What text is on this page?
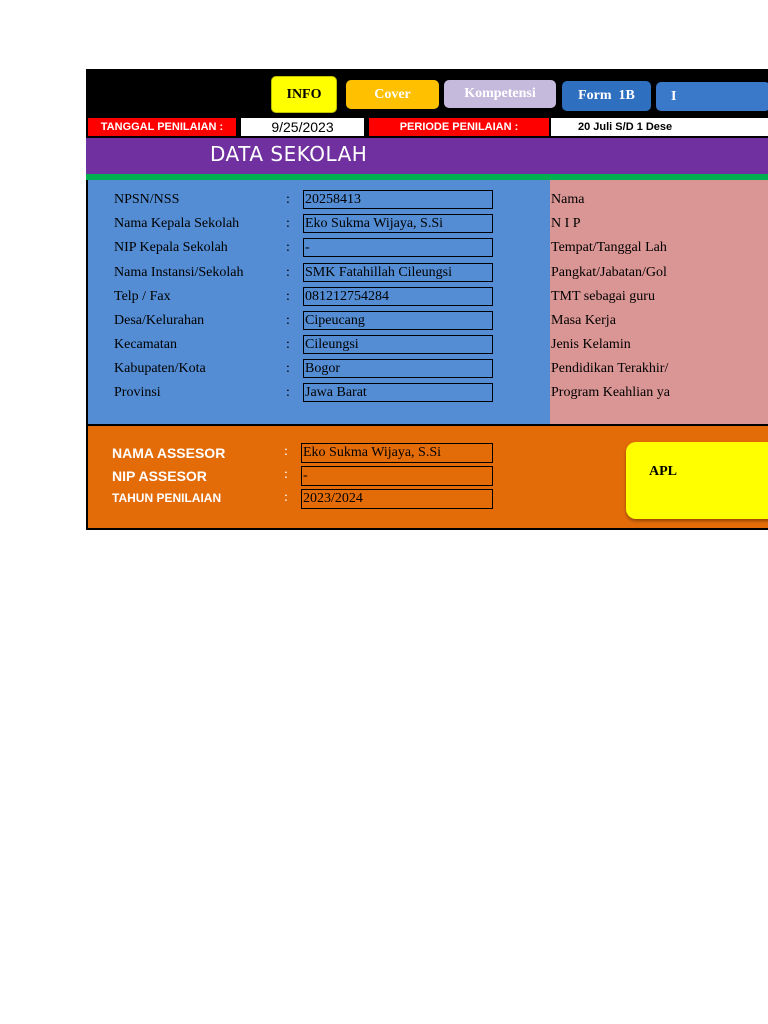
INFO	Cover	Kompetensi	Form  1B	I
TANGGAL PENILAIAN :	9/25/2023	PERIODE PENILAIAN :	20 Juli S/D 1 Dese
DATA SEKOLAH
NPSN/NSS	: 20258413
Nama Kepala Sekolah	: Eko Sukma Wijaya, S.Si
NIP Kepala Sekolah	: -
Nama Instansi/Sekolah	: SMK Fatahillah Cileungsi
Telp / Fax	: 081212754284
Desa/Kelurahan	: Cipeucang
Kecamatan	: Cileungsi
Kabupaten/Kota	: Bogor
Provinsi	: Jawa Barat
Nama
N I P
Tempat/Tanggal Lah
Pangkat/Jabatan/Gol
TMT sebagai guru
Masa Kerja
Jenis Kelamin
Pendidikan Terakhir/
Program Keahlian ya
NAMA ASSESOR	: Eko Sukma Wijaya, S.Si
NIP ASSESOR	: -
TAHUN PENILAIAN	: 2023/2024
APL
